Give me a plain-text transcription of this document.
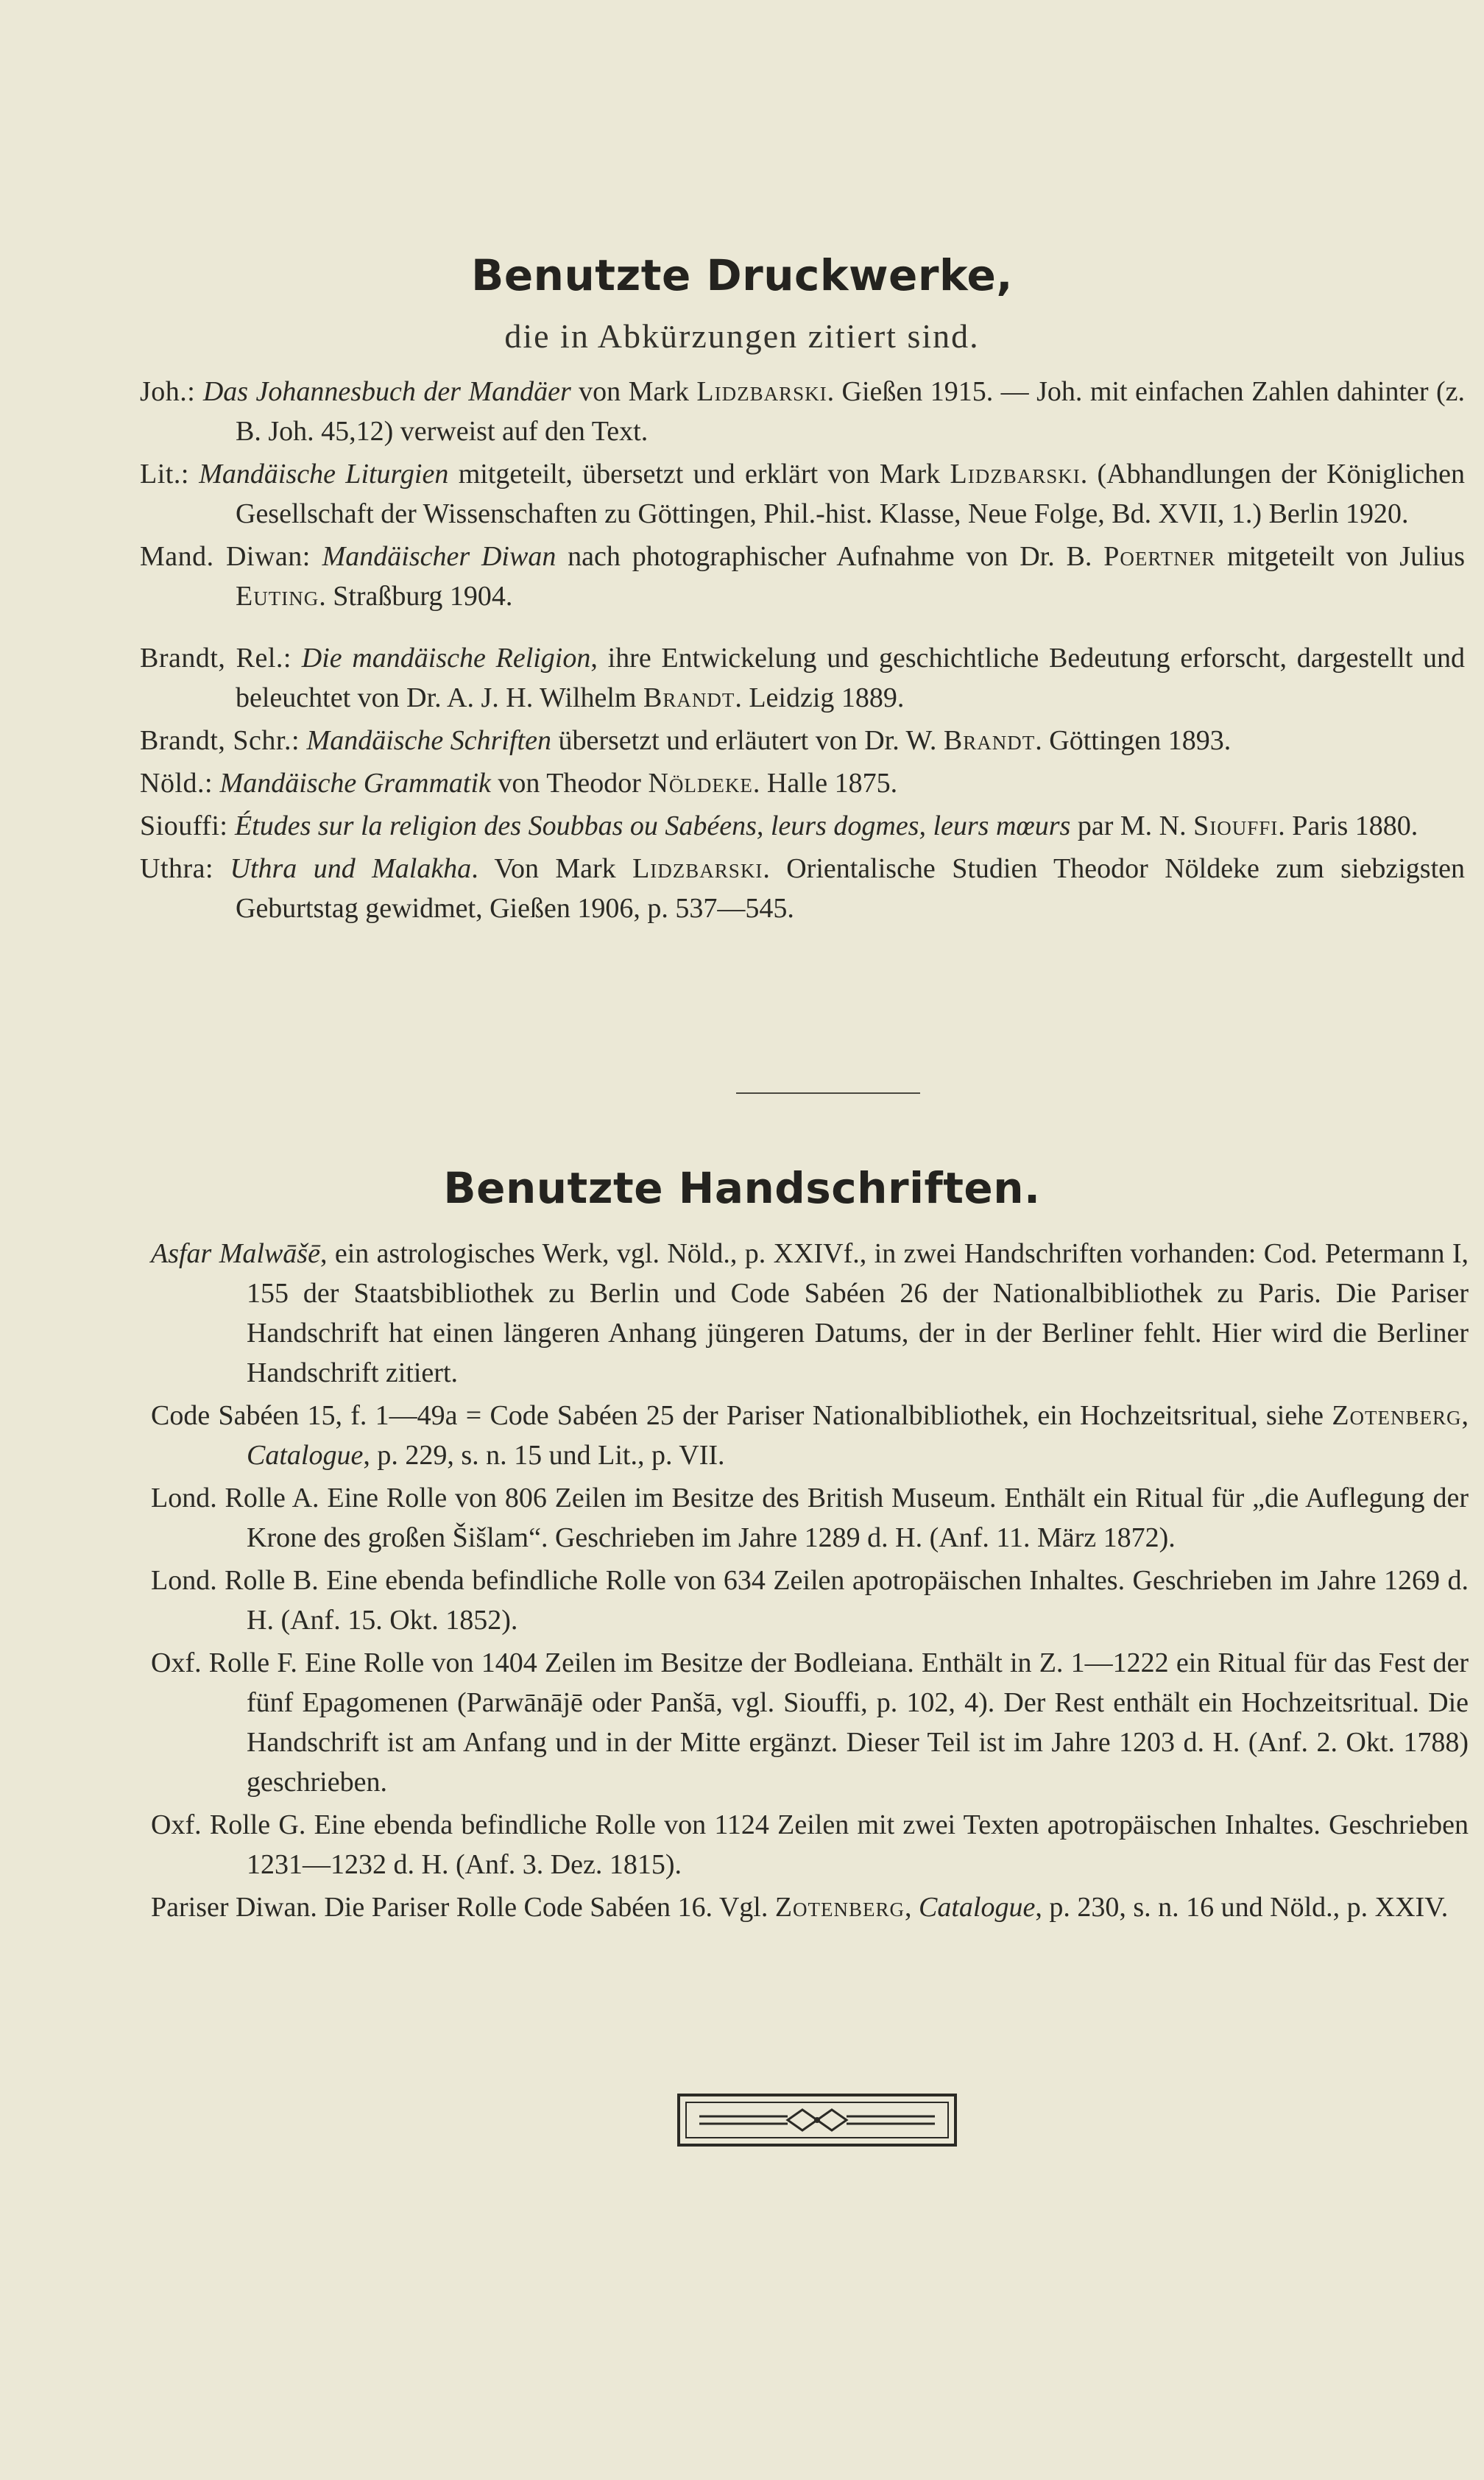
Benutzte Druckwerke,
die in Abkürzungen zitiert sind.
Joh.: Das Johannesbuch der Mandäer von Mark Lidzbarski. Gießen 1915. — Joh. mit einfachen Zahlen dahinter (z. B. Joh. 45,12) verweist auf den Text.
Lit.: Mandäische Liturgien mitgeteilt, übersetzt und erklärt von Mark Lidzbarski. (Abhandlungen der Königlichen Gesellschaft der Wissenschaften zu Göttingen, Phil.-hist. Klasse, Neue Folge, Bd. XVII, 1.) Berlin 1920.
Mand. Diwan: Mandäischer Diwan nach photographischer Aufnahme von Dr. B. Poertner mitgeteilt von Julius Euting. Straßburg 1904.
Brandt, Rel.: Die mandäische Religion, ihre Entwickelung und geschichtliche Bedeutung erforscht, dargestellt und beleuchtet von Dr. A. J. H. Wilhelm Brandt. Leidzig 1889.
Brandt, Schr.: Mandäische Schriften übersetzt und erläutert von Dr. W. Brandt. Göttingen 1893.
Nöld.: Mandäische Grammatik von Theodor Nöldeke. Halle 1875.
Siouffi: Études sur la religion des Soubbas ou Sabéens, leurs dogmes, leurs mœurs par M. N. Siouffi. Paris 1880.
Uthra: Uthra und Malakha. Von Mark Lidzbarski. Orientalische Studien Theodor Nöldeke zum siebzigsten Geburtstag gewidmet, Gießen 1906, p. 537—545.
Benutzte Handschriften.
Asfar Malwāšē, ein astrologisches Werk, vgl. Nöld., p. XXIVf., in zwei Handschriften vorhanden: Cod. Petermann I, 155 der Staatsbibliothek zu Berlin und Code Sabéen 26 der Nationalbibliothek zu Paris. Die Pariser Handschrift hat einen längeren Anhang jüngeren Datums, der in der Berliner fehlt. Hier wird die Berliner Handschrift zitiert.
Code Sabéen 15, f. 1—49a = Code Sabéen 25 der Pariser Nationalbibliothek, ein Hochzeitsritual, siehe Zotenberg, Catalogue, p. 229, s. n. 15 und Lit., p. VII.
Lond. Rolle A. Eine Rolle von 806 Zeilen im Besitze des British Museum. Enthält ein Ritual für „die Auflegung der Krone des großen Šišlam“. Geschrieben im Jahre 1289 d. H. (Anf. 11. März 1872).
Lond. Rolle B. Eine ebenda befindliche Rolle von 634 Zeilen apotropäischen Inhaltes. Geschrieben im Jahre 1269 d. H. (Anf. 15. Okt. 1852).
Oxf. Rolle F. Eine Rolle von 1404 Zeilen im Besitze der Bodleiana. Enthält in Z. 1—1222 ein Ritual für das Fest der fünf Epagomenen (Parwānājē oder Panšā, vgl. Siouffi, p. 102, 4). Der Rest enthält ein Hochzeitsritual. Die Handschrift ist am Anfang und in der Mitte ergänzt. Dieser Teil ist im Jahre 1203 d. H. (Anf. 2. Okt. 1788) geschrieben.
Oxf. Rolle G. Eine ebenda befindliche Rolle von 1124 Zeilen mit zwei Texten apotropäischen Inhaltes. Geschrieben 1231—1232 d. H. (Anf. 3. Dez. 1815).
Pariser Diwan. Die Pariser Rolle Code Sabéen 16. Vgl. Zotenberg, Catalogue, p. 230, s. n. 16 und Nöld., p. XXIV.
